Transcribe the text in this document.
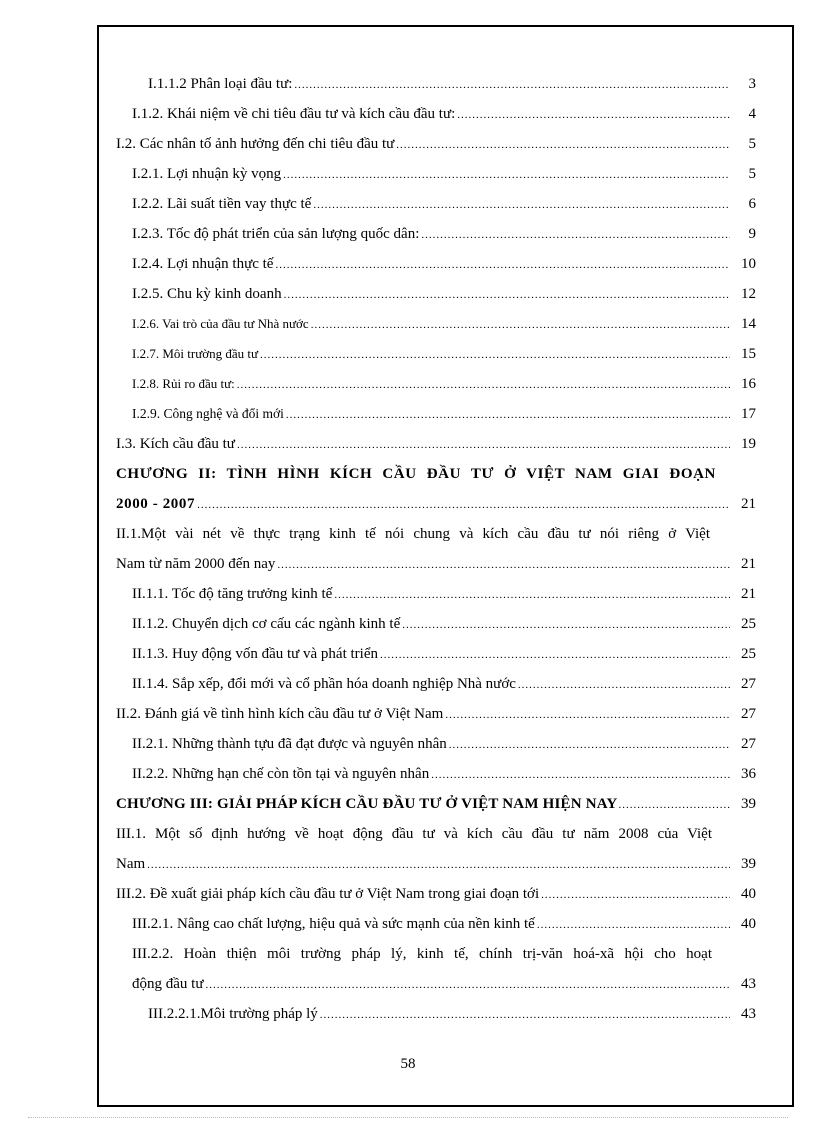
I.1.1.2 Phân loại đầu tư: .....	3
I.1.2. Khái niệm về chi tiêu đầu tư và kích cầu đầu tư: .....	4
I.2. Các nhân tố ảnh hưởng đến chi tiêu đầu tư .....	5
I.2.1. Lợi nhuận kỳ vọng .....	5
I.2.2. Lãi suất tiền vay thực tế .....	6
I.2.3. Tốc độ phát triển của sản lượng quốc dân: .....	9
I.2.4. Lợi nhuận thực tế .....	10
I.2.5. Chu kỳ kinh doanh .....	12
I.2.6. Vai trò của đầu tư Nhà nước .....	14
I.2.7. Môi trường đầu tư .....	15
I.2.8. Rủi ro đầu tư: .....	16
I.2.9. Công nghệ và đổi mới .....	17
I.3. Kích cầu đầu tư .....	19
CHƯƠNG II: TÌNH HÌNH KÍCH CẦU ĐẦU TƯ Ở VIỆT NAM GIAI ĐOẠN
2000 - 2007 .....	21
II.1.Một vài nét về thực trạng kinh tế nói chung và kích cầu đầu tư nói riêng ở Việt
Nam từ năm 2000 đến nay .....	21
II.1.1. Tốc độ tăng trưởng kinh tế .....	21
II.1.2. Chuyển dịch cơ cấu các ngành kinh tế .....	25
II.1.3. Huy động vốn đầu tư và phát triển .....	25
II.1.4. Sắp xếp, đổi mới và cổ phần hóa doanh nghiệp Nhà nước .....	27
II.2. Đánh giá về tình hình kích cầu đầu tư ở Việt Nam .....	27
II.2.1. Những thành tựu đã đạt được và nguyên nhân .....	27
II.2.2. Những hạn chế còn tồn tại và nguyên nhân .....	36
CHƯƠNG III: GIẢI PHÁP KÍCH CẦU ĐẦU TƯ Ở VIỆT NAM HIỆN NAY .....	39
III.1. Một số định hướng về hoạt động đầu tư và kích cầu đầu tư năm 2008 của Việt
Nam .....	39
III.2. Đề xuất giải pháp kích cầu đầu tư ở Việt Nam trong giai đoạn tới .....	40
III.2.1. Nâng cao chất lượng, hiệu quả và sức mạnh của nền kinh tế .....	40
III.2.2. Hoàn thiện môi trường pháp lý, kinh tế, chính trị-văn hoá-xã hội cho hoạt
động đầu tư .....	43
III.2.2.1.Môi trường pháp lý .....	43
58
